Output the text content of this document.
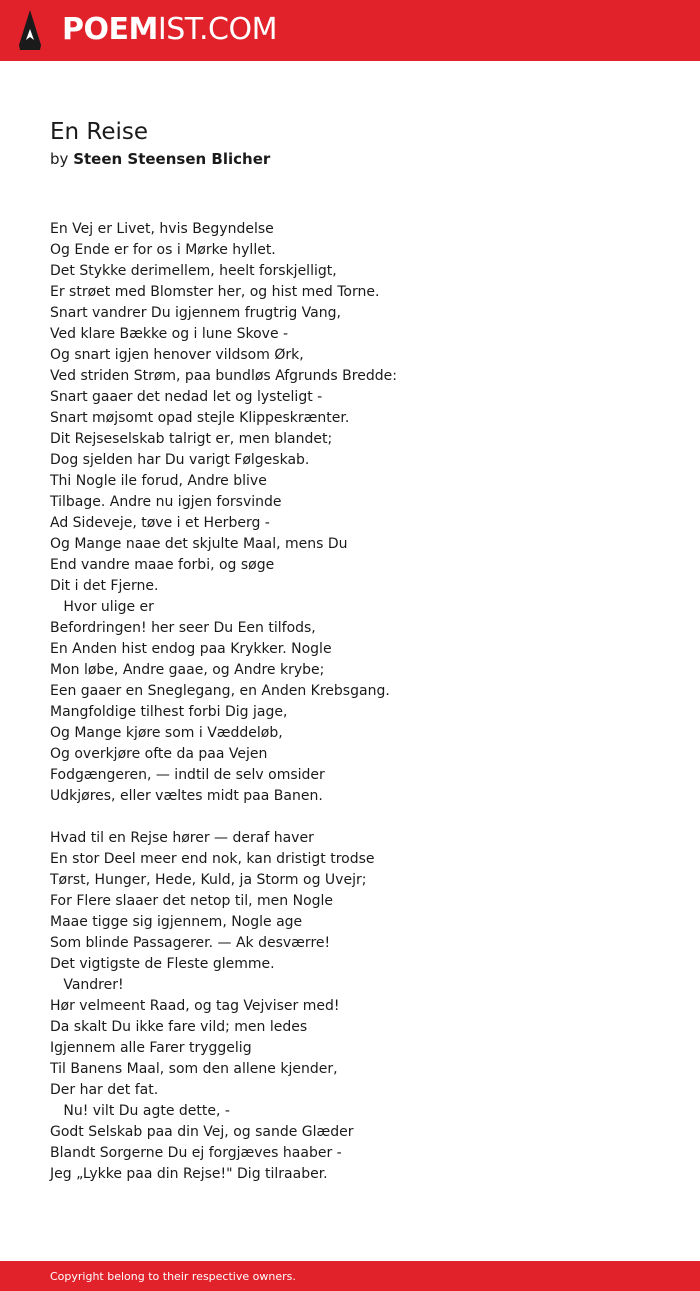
POEMIST.COM
En Reise
by Steen Steensen Blicher
En Vej er Livet, hvis Begyndelse
Og Ende er for os i Mørke hyllet.
Det Stykke derimellem, heelt forskjelligt,
Er strøet med Blomster her, og hist med Torne.
Snart vandrer Du igjennem frugtrig Vang,
Ved klare Bække og i lune Skove -
Og snart igjen henover vildsom Ørk,
Ved striden Strøm, paa bundløs Afgrunds Bredde:
Snart gaaer det nedad let og lysteligt -
Snart møjsomt opad stejle Klippeskrænter.
Dit Rejseselskab talrigt er, men blandet;
Dog sjelden har Du varigt Følgeskab.
Thi Nogle ile forud, Andre blive
Tilbage. Andre nu igjen forsvinde
Ad Sideveje, tøve i et Herberg -
Og Mange naae det skjulte Maal, mens Du
End vandre maae forbi, og søge
Dit i det Fjerne.
Hvor ulige er
Befordringen! her seer Du Een tilfods,
En Anden hist endog paa Krykker. Nogle
Mon løbe, Andre gaae, og Andre krybe;
Een gaaer en Sneglegang, en Anden Krebsgang.
Mangfoldige tilhest forbi Dig jage,
Og Mange kjøre som i Væddeløb,
Og overkjøre ofte da paa Vejen
Fodgængeren, — indtil de selv omsider
Udkjøres, eller væltes midt paa Banen.
Hvad til en Rejse hører — deraf haver
En stor Deel meer end nok, kan dristigt trodse
Tørst, Hunger, Hede, Kuld, ja Storm og Uvejr;
For Flere slaaer det netop til, men Nogle
Maae tigge sig igjennem, Nogle age
Som blinde Passagerer. — Ak desværre!
Det vigtigste de Fleste glemme.
Vandrer!
Hør velmeent Raad, og tag Vejviser med!
Da skalt Du ikke fare vild; men ledes
Igjennem alle Farer tryggelig
Til Banens Maal, som den allene kjender,
Der har det fat.
Nu! vilt Du agte dette, -
Godt Selskab paa din Vej, og sande Glæder
Blandt Sorgerne Du ej forgjæves haaber -
Jeg „Lykke paa din Rejse!" Dig tilraaber.
Copyright belong to their respective owners.
